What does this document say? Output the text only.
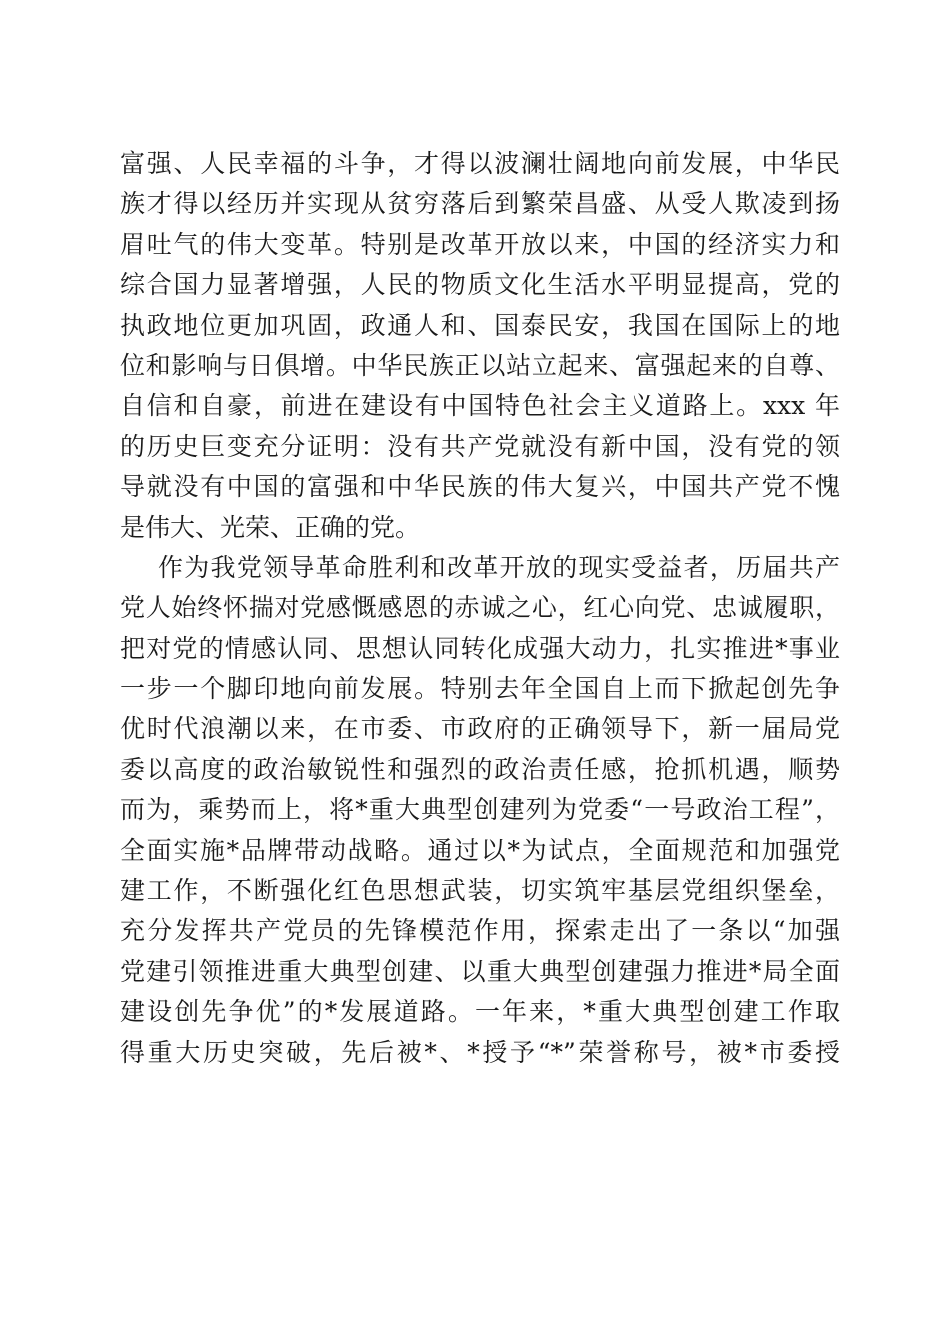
富强、人民幸福的斗争，才得以波澜壮阔地向前发展，中华民
族才得以经历并实现从贫穷落后到繁荣昌盛、从受人欺凌到扬
眉吐气的伟大变革。特别是改革开放以来，中国的经济实力和
综合国力显著增强，人民的物质文化生活水平明显提高，党的
执政地位更加巩固，政通人和、国泰民安，我国在国际上的地
位和影响与日俱增。中华民族正以站立起来、富强起来的自尊、
自信和自豪，前进在建设有中国特色社会主义道路上。xxx 年
的历史巨变充分证明：没有共产党就没有新中国，没有党的领
导就没有中国的富强和中华民族的伟大复兴，中国共产党不愧
是伟大、光荣、正确的党。
作为我党领导革命胜利和改革开放的现实受益者，历届共产
党人始终怀揣对党感慨感恩的赤诚之心，红心向党、忠诚履职，
把对党的情感认同、思想认同转化成强大动力，扎实推进*事业
一步一个脚印地向前发展。特别去年全国自上而下掀起创先争
优时代浪潮以来，在市委、市政府的正确领导下，新一届局党
委以高度的政治敏锐性和强烈的政治责任感，抢抓机遇，顺势
而为，乘势而上，将*重大典型创建列为党委“一号政治工程”，
全面实施*品牌带动战略。通过以*为试点，全面规范和加强党
建工作，不断强化红色思想武装，切实筑牢基层党组织堡垒，
充分发挥共产党员的先锋模范作用，探索走出了一条以“加强
党建引领推进重大典型创建、以重大典型创建强力推进*局全面
建设创先争优”的*发展道路。一年来，*重大典型创建工作取
得重大历史突破，先后被*、*授予“*”荣誉称号，被*市委授
